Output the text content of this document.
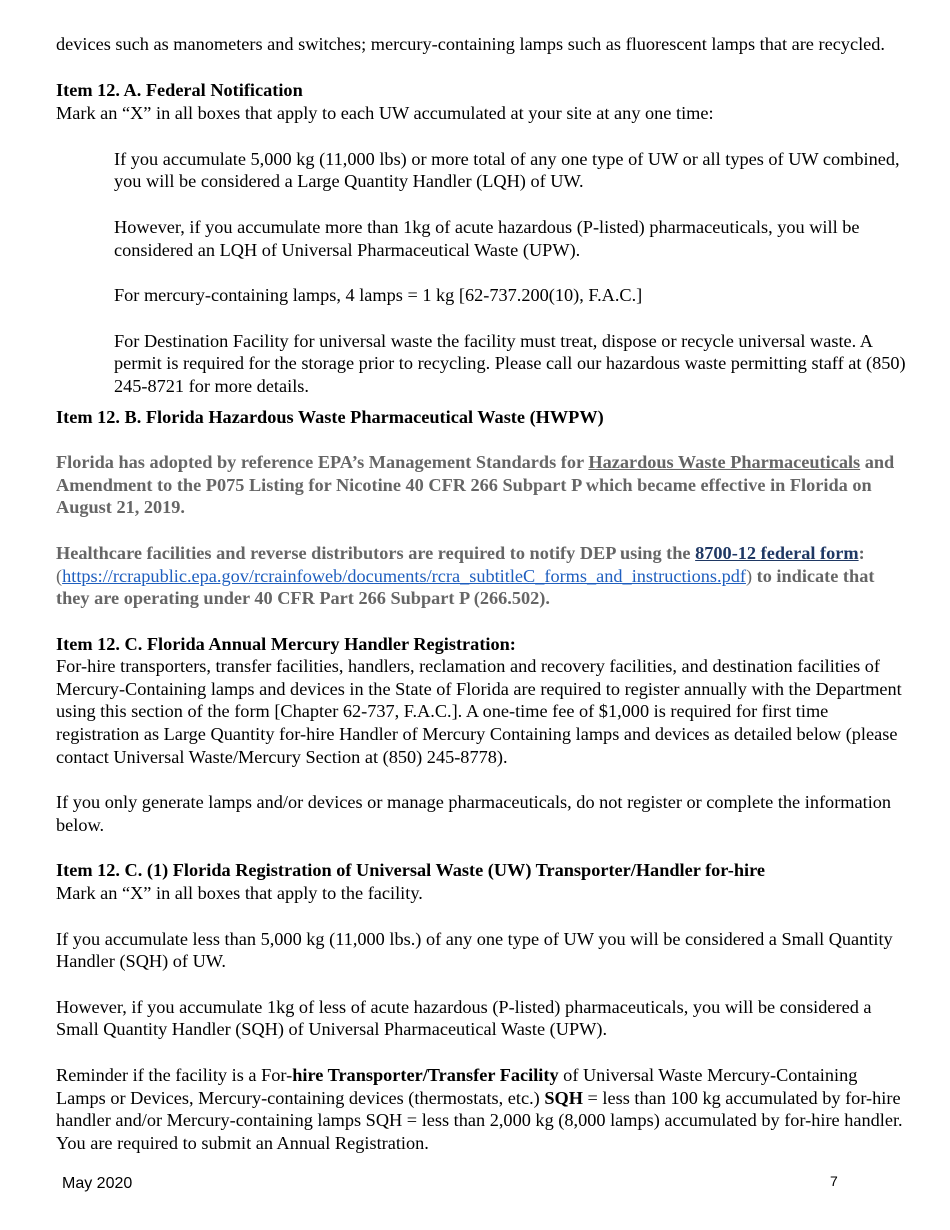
devices such as manometers and switches; mercury-containing lamps such as fluorescent lamps that are recycled.

Item 12. A. Federal Notification

Mark an “X” in all boxes that apply to each UW accumulated at your site at any one time:

If you accumulate 5,000 kg (11,000 lbs) or more total of any one type of UW or all types of UW combined, you will be considered a Large Quantity Handler (LQH) of UW.

However, if you accumulate more than 1kg of acute hazardous (P-listed) pharmaceuticals, you will be considered an LQH of Universal Pharmaceutical Waste (UPW).

For mercury-containing lamps, 4 lamps = 1 kg [62-737.200(10), F.A.C.]

For Destination Facility for universal waste the facility must treat, dispose or recycle universal waste. A permit is required for the storage prior to recycling. Please call our hazardous waste permitting staff at (850) 245-8721 for more details.

Item 12. B. Florida Hazardous Waste Pharmaceutical Waste (HWPW)

Florida has adopted by reference EPA’s Management Standards for Hazardous Waste Pharmaceuticals and Amendment to the P075 Listing for Nicotine 40 CFR 266 Subpart P which became effective in Florida on August 21, 2019.

Healthcare facilities and reverse distributors are required to notify DEP using the 8700-12 federal form: (https://rcrapublic.epa.gov/rcrainfoweb/documents/rcra_subtitleC_forms_and_instructions.pdf) to indicate that they are operating under 40 CFR Part 266 Subpart P (266.502).

Item 12. C. Florida Annual Mercury Handler Registration:

For-hire transporters, transfer facilities, handlers, reclamation and recovery facilities, and destination facilities of Mercury-Containing lamps and devices in the State of Florida are required to register annually with the Department using this section of the form [Chapter 62-737, F.A.C.]. A one-time fee of $1,000 is required for first time registration as Large Quantity for-hire Handler of Mercury Containing lamps and devices as detailed below (please contact Universal Waste/Mercury Section at (850) 245-8778).

If you only generate lamps and/or devices or manage pharmaceuticals, do not register or complete the information below.

Item 12. C. (1) Florida Registration of Universal Waste (UW) Transporter/Handler for-hire

Mark an “X” in all boxes that apply to the facility.

If you accumulate less than 5,000 kg (11,000 lbs.) of any one type of UW you will be considered a Small Quantity Handler (SQH) of UW.

However, if you accumulate 1kg of less of acute hazardous (P-listed) pharmaceuticals, you will be considered a Small Quantity Handler (SQH) of Universal Pharmaceutical Waste (UPW).

Reminder if the facility is a For-hire Transporter/Transfer Facility of Universal Waste Mercury-Containing Lamps or Devices, Mercury-containing devices (thermostats, etc.) SQH = less than 100 kg accumulated by for-hire handler and/or Mercury-containing lamps SQH = less than 2,000 kg (8,000 lamps) accumulated by for-hire handler. You are required to submit an Annual Registration.

May 2020	7
